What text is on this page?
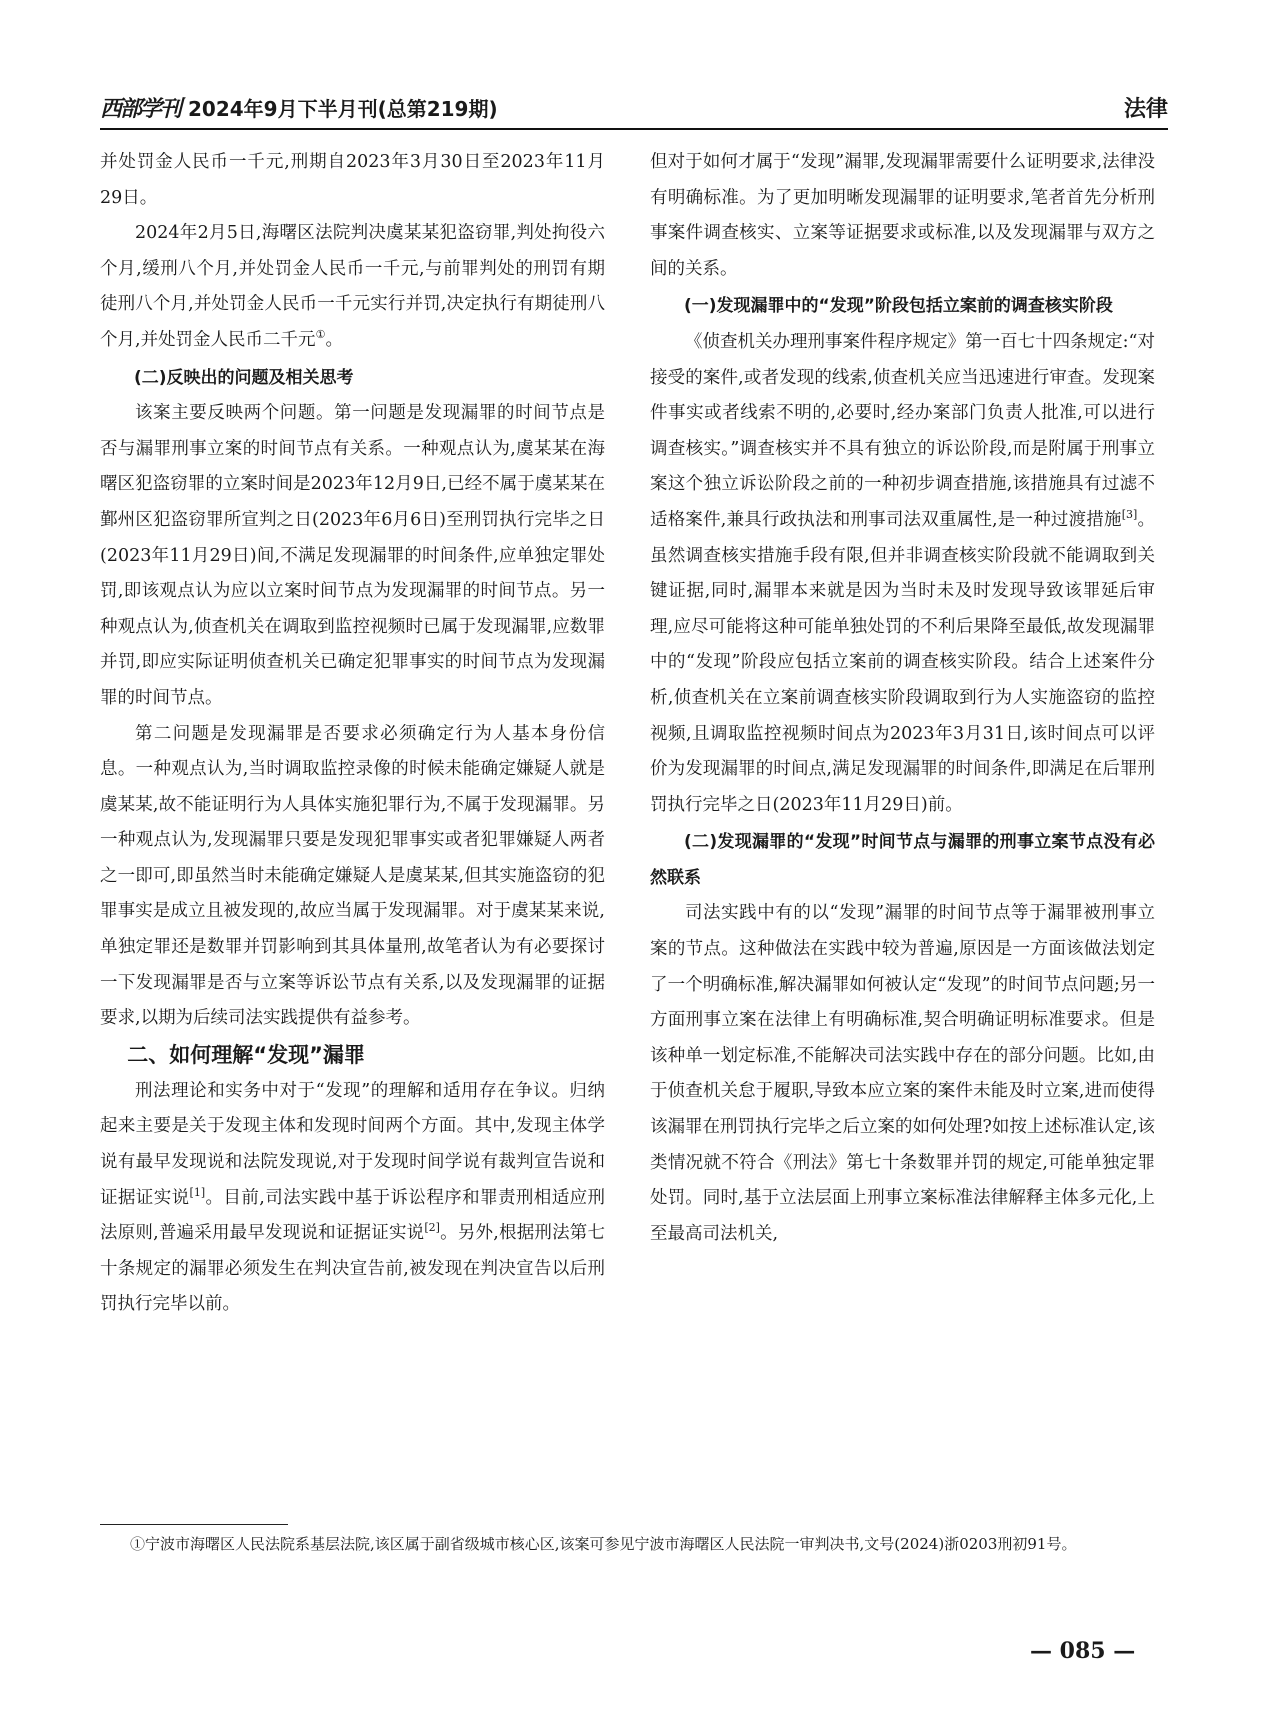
西部学刊 2024年9月下半月刊(总第219期)	法律

并处罚金人民币一千元,刑期自2023年3月30日至2023年11月29日。

2024年2月5日,海曙区法院判决虞某某犯盗窃罪,判处拘役六个月,缓刑八个月,并处罚金人民币一千元,与前罪判处的刑罚有期徒刑八个月,并处罚金人民币一千元实行并罚,决定执行有期徒刑八个月,并处罚金人民币二千元①。

(二)反映出的问题及相关思考

该案主要反映两个问题。第一问题是发现漏罪的时间节点是否与漏罪刑事立案的时间节点有关系。一种观点认为,虞某某在海曙区犯盗窃罪的立案时间是2023年12月9日,已经不属于虞某某在鄞州区犯盗窃罪所宣判之日(2023年6月6日)至刑罚执行完毕之日(2023年11月29日)间,不满足发现漏罪的时间条件,应单独定罪处罚,即该观点认为应以立案时间节点为发现漏罪的时间节点。另一种观点认为,侦查机关在调取到监控视频时已属于发现漏罪,应数罪并罚,即应实际证明侦查机关已确定犯罪事实的时间节点为发现漏罪的时间节点。

第二问题是发现漏罪是否要求必须确定行为人基本身份信息。一种观点认为,当时调取监控录像的时候未能确定嫌疑人就是虞某某,故不能证明行为人具体实施犯罪行为,不属于发现漏罪。另一种观点认为,发现漏罪只要是发现犯罪事实或者犯罪嫌疑人两者之一即可,即虽然当时未能确定嫌疑人是虞某某,但其实施盗窃的犯罪事实是成立且被发现的,故应当属于发现漏罪。对于虞某某来说,单独定罪还是数罪并罚影响到其具体量刑,故笔者认为有必要探讨一下发现漏罪是否与立案等诉讼节点有关系,以及发现漏罪的证据要求,以期为后续司法实践提供有益参考。

二、如何理解“发现”漏罪

刑法理论和实务中对于“发现”的理解和适用存在争议。归纳起来主要是关于发现主体和发现时间两个方面。其中,发现主体学说有最早发现说和法院发现说,对于发现时间学说有裁判宣告说和证据证实说[1]。目前,司法实践中基于诉讼程序和罪责刑相适应刑法原则,普遍采用最早发现说和证据证实说[2]。另外,根据刑法第七十条规定的漏罪必须发生在判决宣告前,被发现在判决宣告以后刑罚执行完毕以前。

但对于如何才属于“发现”漏罪,发现漏罪需要什么证明要求,法律没有明确标准。为了更加明晰发现漏罪的证明要求,笔者首先分析刑事案件调查核实、立案等证据要求或标准,以及发现漏罪与双方之间的关系。

(一)发现漏罪中的“发现”阶段包括立案前的调查核实阶段

《侦查机关办理刑事案件程序规定》第一百七十四条规定:“对接受的案件,或者发现的线索,侦查机关应当迅速进行审查。发现案件事实或者线索不明的,必要时,经办案部门负责人批准,可以进行调查核实。”调查核实并不具有独立的诉讼阶段,而是附属于刑事立案这个独立诉讼阶段之前的一种初步调查措施,该措施具有过滤不适格案件,兼具行政执法和刑事司法双重属性,是一种过渡措施[3]。虽然调查核实措施手段有限,但并非调查核实阶段就不能调取到关键证据,同时,漏罪本来就是因为当时未及时发现导致该罪延后审理,应尽可能将这种可能单独处罚的不利后果降至最低,故发现漏罪中的“发现”阶段应包括立案前的调查核实阶段。结合上述案件分析,侦查机关在立案前调查核实阶段调取到行为人实施盗窃的监控视频,且调取监控视频时间点为2023年3月31日,该时间点可以评价为发现漏罪的时间点,满足发现漏罪的时间条件,即满足在后罪刑罚执行完毕之日(2023年11月29日)前。

(二)发现漏罪的“发现”时间节点与漏罪的刑事立案节点没有必然联系

司法实践中有的以“发现”漏罪的时间节点等于漏罪被刑事立案的节点。这种做法在实践中较为普遍,原因是一方面该做法划定了一个明确标准,解决漏罪如何被认定“发现”的时间节点问题;另一方面刑事立案在法律上有明确标准,契合明确证明标准要求。但是该种单一划定标准,不能解决司法实践中存在的部分问题。比如,由于侦查机关怠于履职,导致本应立案的案件未能及时立案,进而使得该漏罪在刑罚执行完毕之后立案的如何处理?如按上述标准认定,该类情况就不符合《刑法》第七十条数罪并罚的规定,可能单独定罪处罚。同时,基于立法层面上刑事立案标准法律解释主体多元化,上至最高司法机关,

①宁波市海曙区人民法院系基层法院,该区属于副省级城市核心区,该案可参见宁波市海曙区人民法院一审判决书,文号(2024)浙0203刑初91号。
— 085 —
